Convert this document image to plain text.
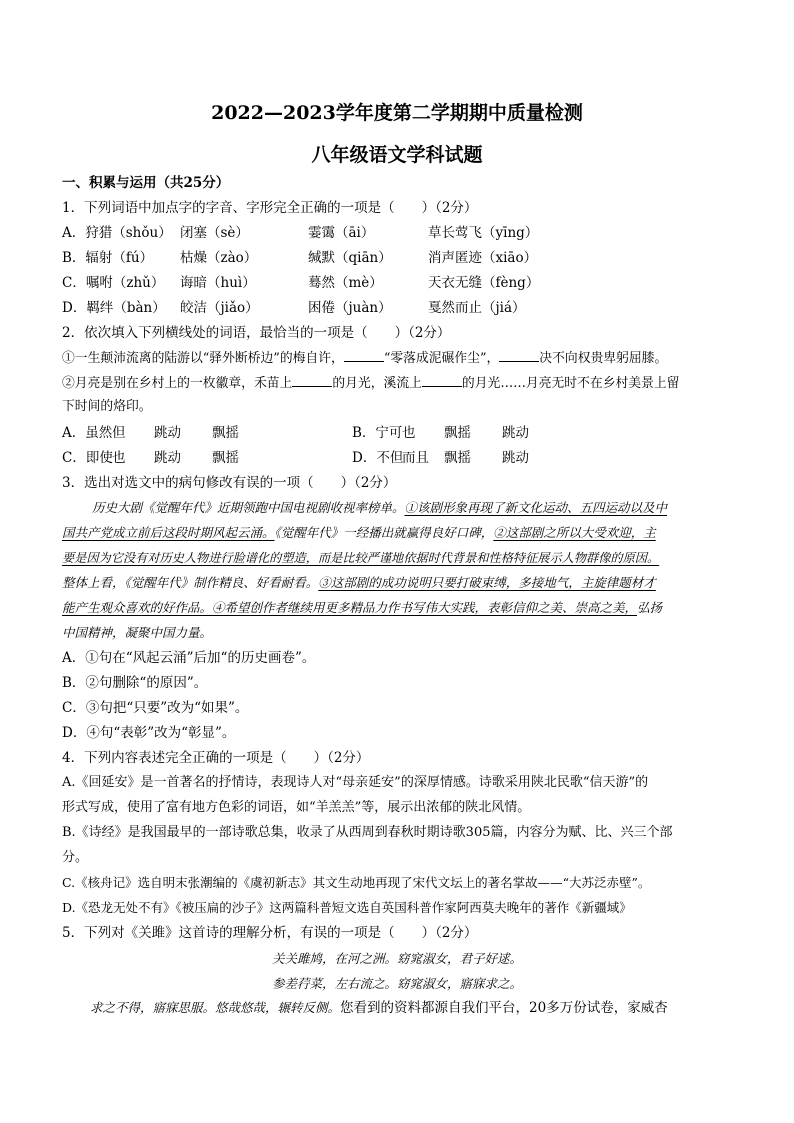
2022—2023学年度第二学期期中质量检测
八年级语文学科试题
一、积累与运用（共25分）
1．下列词语中加点字的字音、字形完全正确的一项是（　　）（2分）
A．狩猎（shǒu） 闭塞（sè）	霎霭（āi）	草长莺飞（yīng）
B．辐射（fú） 枯燥（zào）	缄默（qiān）	消声匿迹（xiāo）
C．嘱咐（zhǔ） 诲暗（huì）	蓦然（mè）	天衣无缝（fèng）
D．羁绊（bàn） 皎洁（jiǎo）	困倦（juàn）	戛然而止（jiá）
2．依次填入下列横线处的词语，最恰当的一项是（　　）（2分）
①一生颠沛流离的陆游以“驿外断桥边”的梅自许，	“零落成泥碾作尘”，	决不向权贵卑躬屈膝。
②月亮是别在乡村上的一枚徽章，禾苗上	的月光，溪流上	的月光……月亮无时不在乡村美景上留
下时间的烙印。
A．虽然但 跳动 飘摇	B．宁可也 飘摇 跳动
C．即使也 跳动 飘摇	D．不但而且 飘摇 跳动
3．选出对选文中的病句修改有误的一项（　　）（2分）
历史大剧《觉醒年代》近期领跑中国电视剧收视率榜单。①该剧形象再现了新文化运动、五四运动以及中
国共产党成立前后这段时期风起云涌。《觉醒年代》一经播出就赢得良好口碑，②这部剧之所以大受欢迎，主
要是因为它没有对历史人物进行脸谱化的塑造，而是比较严谨地依据时代背景和性格特征展示人物群像的原因。
整体上看，《觉醒年代》制作精良、好看耐看。③这部剧的成功说明只要打破束缚，多接地气，主旋律题材才
能产生观众喜欢的好作品。④希望创作者继续用更多精品力作书写伟大实践，表彰信仰之美、崇高之美，弘扬
中国精神，凝聚中国力量。
A．①句在“风起云涌”后加“的历史画卷”。
B．②句删除“的原因”。
C．③句把“只要”改为“如果”。
D．④句“表彰”改为“彰显”。
4．下列内容表述完全正确的一项是（　　）（2分）
A.《回延安》是一首著名的抒情诗，表现诗人对“母亲延安”的深厚情感。诗歌采用陕北民歌“信天游”的
形式写成，使用了富有地方色彩的词语，如“羊羔羔”等，展示出浓郁的陕北风情。
B.《诗经》是我国最早的一部诗歌总集，收录了从西周到春秋时期诗歌305篇，内容分为赋、比、兴三个部
分。
C.《核舟记》选自明末张潮编的《虞初新志》其文生动地再现了宋代文坛上的著名掌故——“大苏泛赤壁”。
D.《恐龙无处不有》《被压扁的沙子》这两篇科普短文选自英国科普作家阿西莫夫晚年的著作《新疆域》
5．下列对《关雎》这首诗的理解分析，有误的一项是（　　）（2分）
关关雎鸠，在河之洲。窈窕淑女，君子好逑。
参差荇菜，左右流之。窈窕淑女，寤寐求之。
求之不得，寤寐思服。悠哉悠哉，辗转反侧。您看到的资料都源自我们平台，20多万份试卷，家威杏
